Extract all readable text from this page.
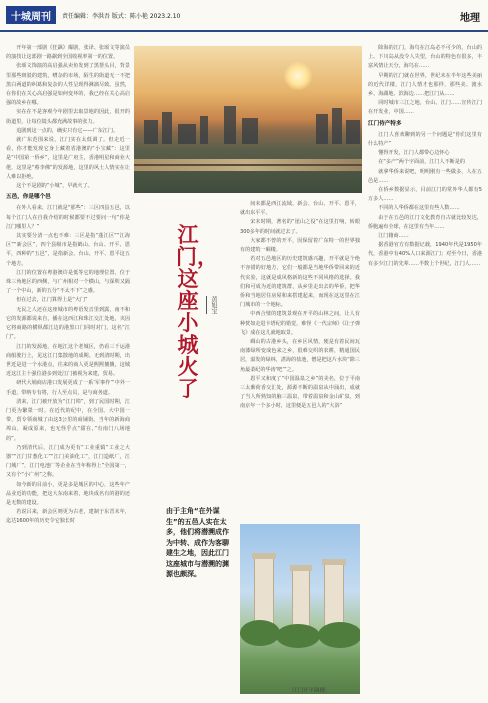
十城周刊	责任编辑：李洪吾 版式：陈小艳 2023.2.10	地理

开年第一部剧《狂飙》爆剧，张译、张颂文等演员的演技让这部剧一路飙到全国收视率第一的位置。

张颂文饰演的高启强从卖鱼发到了黑帮头目，背景里那些斑驳的建筑，嘈杂的市场，陌生的街道无一不把黑白两道的纠葛和复杂的人性呈现得淋漓尽致。虽然，在你们在关心高启强是如何变坏的，我已经在关心高启强的故乡在哪。

实在在不是客观今年剧里去取景地的因此，很开的街道里，让每位镜头都充满故事的张力。

追剧到这一点的，确实只有它——广东江门。

就广东范围来说，江门实在太低调了。但走近一看，你才能发现它身上藏着省港澳的“小宝藏”：这里是“中国第一侨乡”，这里是广府主，香港明星和商业大佬，这里是“蔡李佛”的发源地，这里的风土人情实在让人难以拒绝。

这个不是剧的“小城”，早就火了。

五邑，你是哪个邑

在外人看来，江门就是“那些”：三区四县五邑，以每个江门人在自我介绍的时候都要不过要问一句“你是江门哪里人？”

其实要分清一点也不难：三区是指“蓬江区”“江海区”“新会区”，四个县级市是指鹤山、台山、开平、恩平，四种的“五邑”，是指新会、台山、开平、恩平这五个地方。

江门的位置在粤港澳许是低等它的地理位置，位于珠三角地区的西侧，与广州相对一个横山，与深圳又隔了一个中山，新的五分“不太不下”之感。

但在过去，江门算得上是“大门”

无民之人还在这座城市的粤语发音里到露，南不和它的发源都说来自，播在这西江和珠江交汇处地，夹因它将商路的横纵都江边的港黑口门同时对门，这名“江门”。

江门的发源地，在地江这个老城区，仍看三千运港商船驶行上，见这江门集散地的成期。无到清时期，出世近是进一个水港点，往来的商人更是熙熙攘攘，这城近这江主十强位港多到处江门被视为来建，贸易。

研代大埔商店港口发展更成了一系‘军事作’“中外一手道，带纳专有将，行人至点员，是与商务道。

清来，江门被开放为“江门埠”，到了民国时期，江门更为繁榮一时。在近代的纪中，在全国，大中国一带，贸专领商城了由这3公里的商铺街。当年的新海商埠山，凝成原来，也无怪乎点“甜在，”有南门八场地的”。

乃到清代后，江门成为更有“工业重镇”工业之大器”“江门甘葱化工”“江门美油化工”，江门造纸厂，江门城厂”，江门电池厂等企业在当年称得上”全国第一，又有个“小广州”之称。

如今新的目前小，更是多是城区的中心，这些年产品业近的功能，把这大东南来着，地块成名有的港的还是无数的建设。

若说吕来，新会区则更为古老，建制于东晋末年，迄达1600年的历史令它独长时

江门，这座小城火了
黄旭宝

间未都是西江流域。新会、台山、开平、恩平，就出东平平。

宋末时期，著名的“崖山之役”在这里打响，转眼300多年的时间就过去了。

大家都不曾的开平，因保留着广东特一的世界独有的建筑一碉楼。

若对五邑地区的历史建筑感兴趣，开平就是个绝不容错的好地方，它们一般都是当地华侨带回来的近代实验，这就是成风格新的这些不同风格的选择。我们和可成为近的建筑群，从乡里走出去的华侨，把华侨和当地居住房屋和来搭建起来，而现在这这里在江门城市的一个地标。

中西合璧的建筑景观在开平的山林之间，让人有种恍如走进卡塔纪的错觉，难怪《一代宗师》《让子弹飞》成在这儿就地取景。

碉山的古港乡头，在乡区风情，便是有着民间瓦南漆绿所变成色来之乡，很难交织的农耕，精通国民居，溢发的绿林，湛海的盐池，僧是把这片水块“除三角最柔纪的华涛‘吧’”之。

恩平又和度了“中国温泉之乡”的美名，位于平南三太紫荷香交汇处，源源不断的温泉从中涌出，成就了当人所熟知的脑三温泉，带着温泉和金山矿泉，到南京年一个多小时，这里便是五邑人的“大浴”

由于主角“在外谋生”的五邑人实在太多，他们将潜溯成作为中转、成作为客聊建生之地，因此江门这座城市与潜溯的渊源也颇深。
江门开平碉楼。

除海的江门，海鸟在江岛必不可少的，台山的上、下川岛从没令人失望，台山的特色有很多，丰富风情让天分，海鸟在……

早期的江门就在世界，世纪末在半年这些美丽的近代洋楼，江门人情才也那样，那些美、渡水乡、海湖地、滨海边……把江门从……

同时城市三江之地，台山、江门……宣传江门在开发业，中国……

江门侍产特多

江门人喜欢聊到的另一个问题是“你们这里有什么特产”

懂得开发，江门人都带心边怀心

在“多产”两个字面前，江门人不断是的

就拿华侨来说吧，明明刚有一些做多，人在五邑是……

在侨乡数据显示，目前江门的常外华人都有5万多人……

不同的人华侨都在这里有些人数……

由于在五邑的江门文化教育自古就比较发达，侨胞遍布全球，在这里有当年……

江门籍商……

据香港官方有数据记载，1940年代是1950年代，香港中有40%人口来源江门；对至今日，香港有多少江门的先辈……半数上个世纪，江门人……
